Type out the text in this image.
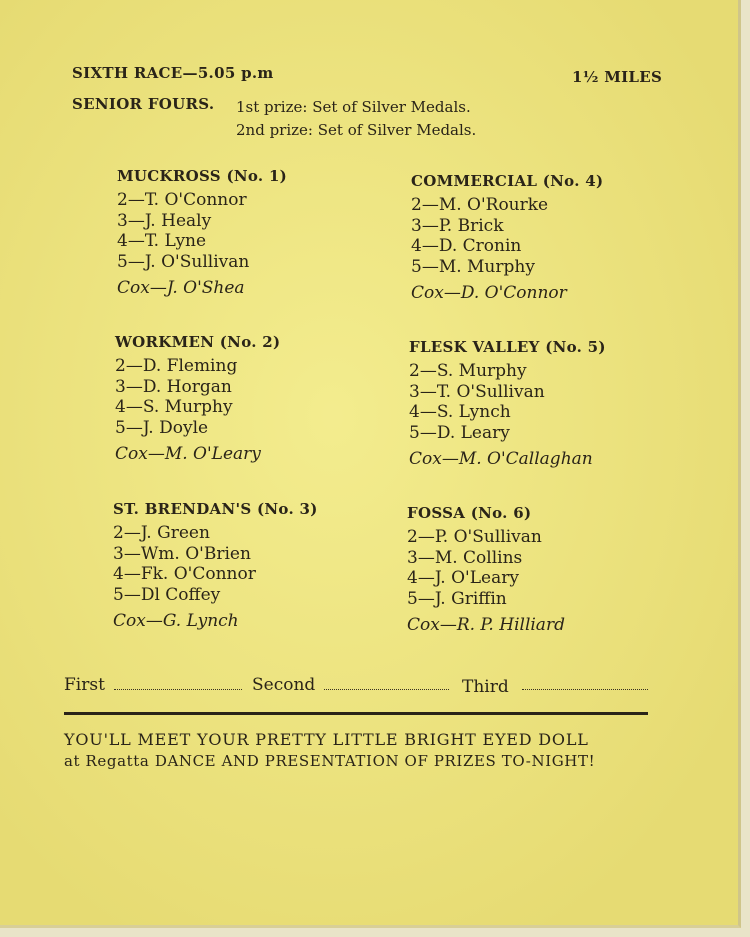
SIXTH RACE—5.05 p.m	1½ MILES
SENIOR FOURS. 1st prize: Set of Silver Medals.
2nd prize: Set of Silver Medals.
MUCKROSS (No. 1)
2—T. O'Connor
3—J. Healy
4—T. Lyne
5—J. O'Sullivan
Cox—J. O'Shea
WORKMEN (No. 2)
2—D. Fleming
3—D. Horgan
4—S. Murphy
5—J. Doyle
Cox—M. O'Leary
ST. BRENDAN'S (No. 3)
2—J. Green
3—Wm. O'Brien
4—Fk. O'Connor
5—Dl Coffey
Cox—G. Lynch
COMMERCIAL (No. 4)
2—M. O'Rourke
3—P. Brick
4—D. Cronin
5—M. Murphy
Cox—D. O'Connor
FLESK VALLEY (No. 5)
2—S. Murphy
3—T. O'Sullivan
4—S. Lynch
5—D. Leary
Cox—M. O'Callaghan
FOSSA (No. 6)
2—P. O'Sullivan
3—M. Collins
4—J. O'Leary
5—J. Griffin
Cox—R. P. Hilliard
First	Second	Third
YOU'LL MEET YOUR PRETTY LITTLE BRIGHT EYED DOLL
at Regatta DANCE AND PRESENTATION OF PRIZES TO-NIGHT!
